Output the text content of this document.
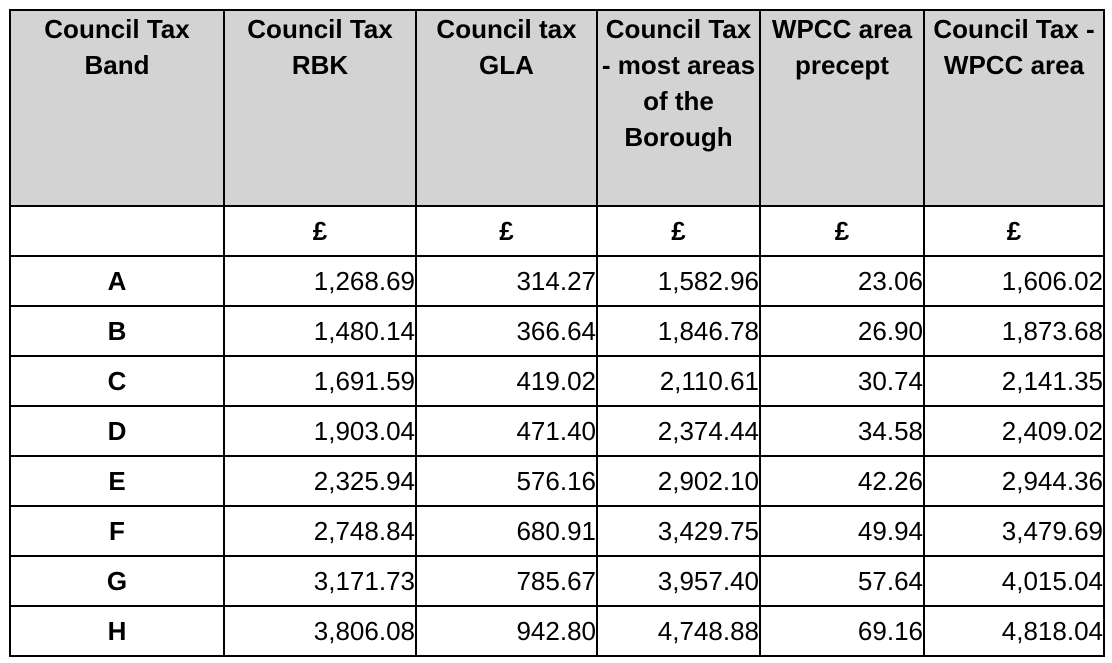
Council Tax Band	Council Tax RBK	Council tax GLA	Council Tax - most areas of the Borough	WPCC area precept	Council Tax - WPCC area
	£	£	£	£	£
A	1,268.69	314.27	1,582.96	23.06	1,606.02
B	1,480.14	366.64	1,846.78	26.90	1,873.68
C	1,691.59	419.02	2,110.61	30.74	2,141.35
D	1,903.04	471.40	2,374.44	34.58	2,409.02
E	2,325.94	576.16	2,902.10	42.26	2,944.36
F	2,748.84	680.91	3,429.75	49.94	3,479.69
G	3,171.73	785.67	3,957.40	57.64	4,015.04
H	3,806.08	942.80	4,748.88	69.16	4,818.04
